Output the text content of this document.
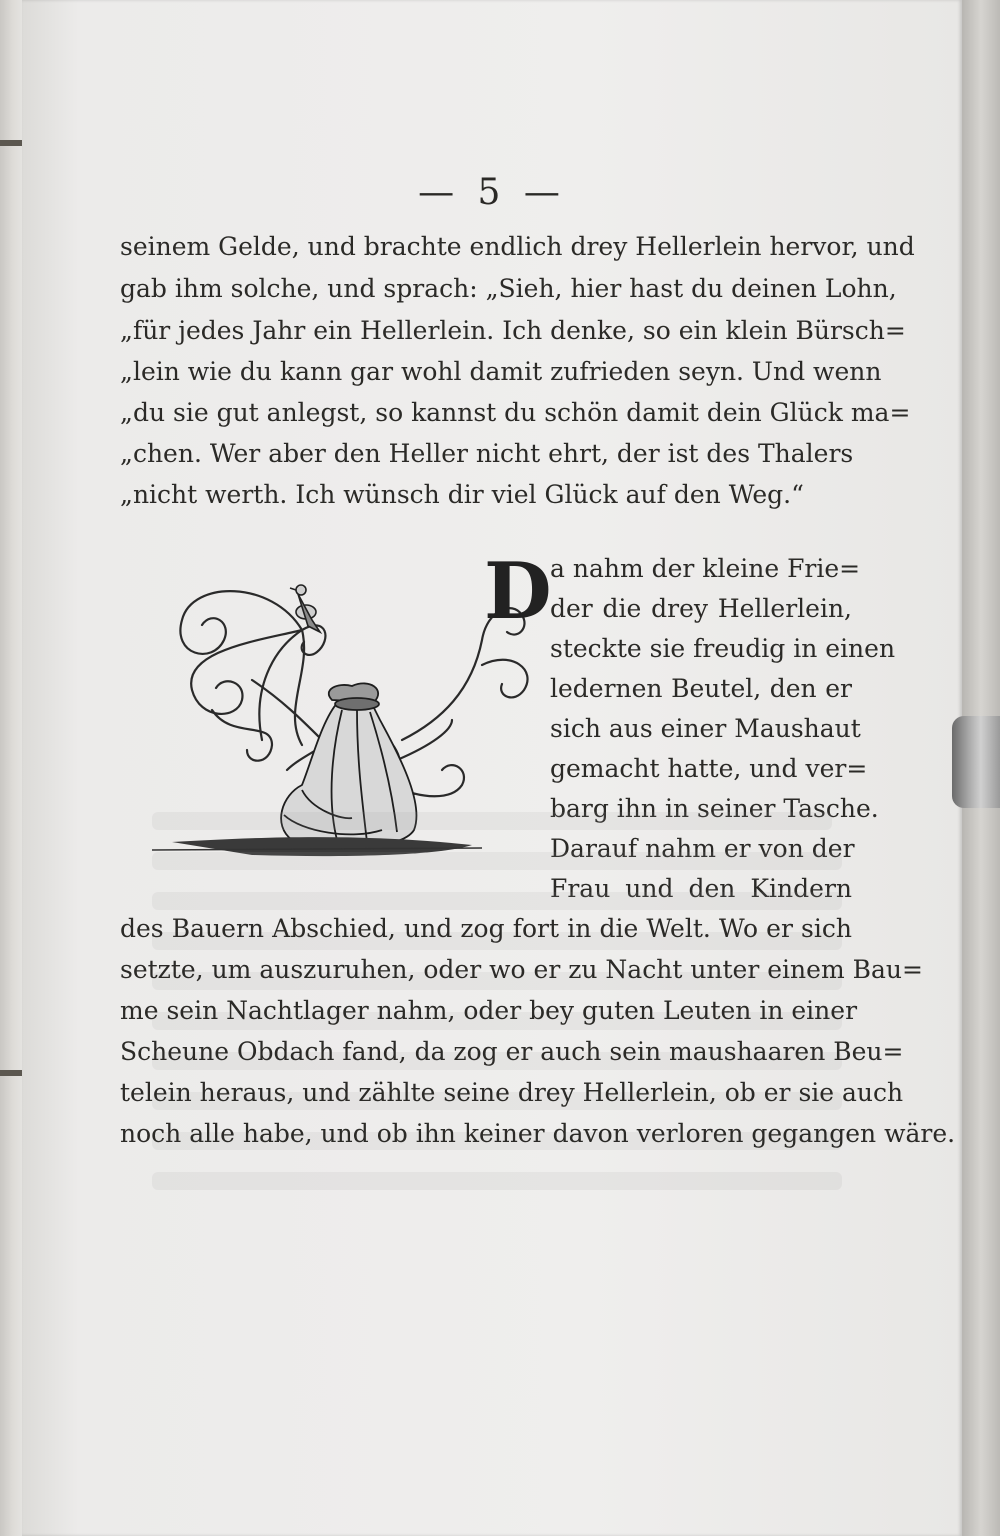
— 5 —
seinem Gelde, und brachte endlich drey Hellerlein hervor, und
gab ihm solche, und sprach: „Sieh, hier hast du deinen Lohn,
„für jedes Jahr ein Hellerlein. Ich denke, so ein klein Bürsch=
„lein wie du kann gar wohl damit zufrieden seyn. Und wenn
„du sie gut anlegst, so kannst du schön damit dein Glück ma=
„chen. Wer aber den Heller nicht ehrt, der ist des Thalers
„nicht werth. Ich wünsch dir viel Glück auf den Weg.“
D
a nahm der kleine Frie=
der die drey Hellerlein,
steckte sie freudig in einen
ledernen Beutel, den er
sich aus einer Maushaut
gemacht hatte, und ver=
barg ihn in seiner Tasche.
Darauf nahm er von der
Frau und den Kindern
des Bauern Abschied, und zog fort in die Welt. Wo er sich
setzte, um auszuruhen, oder wo er zu Nacht unter einem Bau=
me sein Nachtlager nahm, oder bey guten Leuten in einer
Scheune Obdach fand, da zog er auch sein maushaaren Beu=
telein heraus, und zählte seine drey Hellerlein, ob er sie auch
noch alle habe, und ob ihn keiner davon verloren gegangen wäre.
